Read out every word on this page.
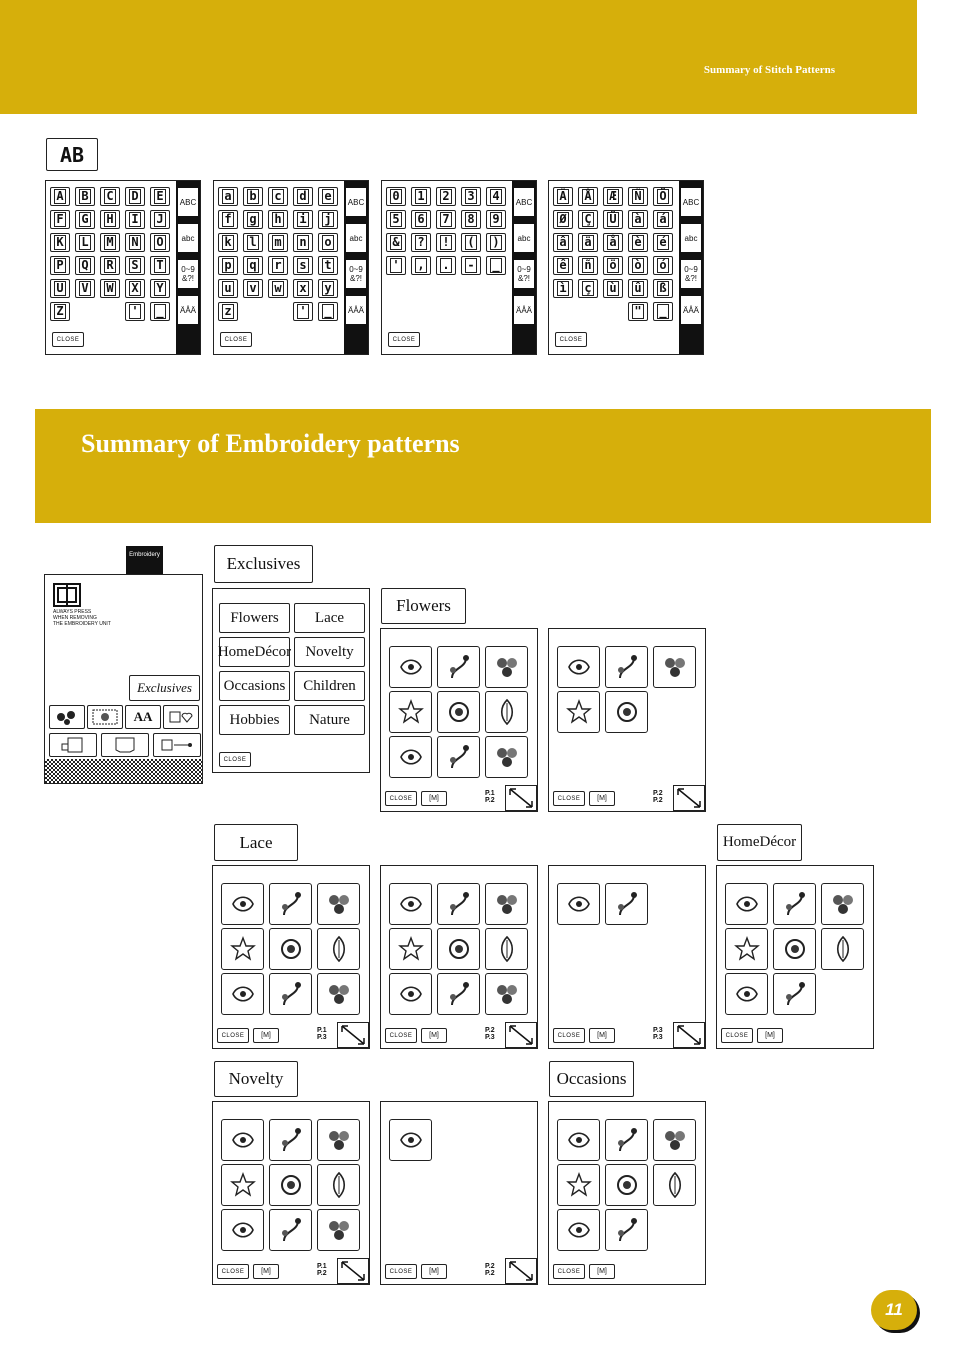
Summary of Stitch Patterns
AB
ABC
abc
0~9
&?!
ÄÅÄ
A B C D E
F G H I J
K L M N O
P Q R S T
U V W X Y
Z	' _
CLOSE
ABC
abc
0~9
&?!
ÄÅÄ
a b c d e
f g h i j
k l m n o
p q r s t
u v w x y
z	' _
CLOSE
ABC
abc
0~9
&?!
ÄÅÄ
0 1 2 3 4
5 6 7 8 9
& ? ! ( )
' , . - _
CLOSE
ABC
abc
0~9
&?!
ÄÅÄ
Ä Å Æ Ñ Ö
Ø Ç Ü à á
â ä å è é
ê ñ ö ò ó
ì ç ù û ß
" _
CLOSE
Summary of Embroidery patterns
Embroidery
ALWAYS PRESS
WHEN REMOVING
THE EMBROIDERY UNIT
Exclusives
AA
Exclusives
Flowers	Lace
HomeDécor Novelty
Occasions	Children
Hobbies	Nature
CLOSE
Flowers
Lace	HomeDécor
Novelty	Occasions
CLOSE	[M]
P.1
P.2	CLOSE	[M]
P.2
P.2
CLOSE	[M]
P.1
P.3	CLOSE	[M]
P.2
P.3	CLOSE	[M]
P.3
P.3	CLOSE	[M]
CLOSE	[M]
P.1
P.2	CLOSE	[M]
P.2
P.2	CLOSE	[M]
11
